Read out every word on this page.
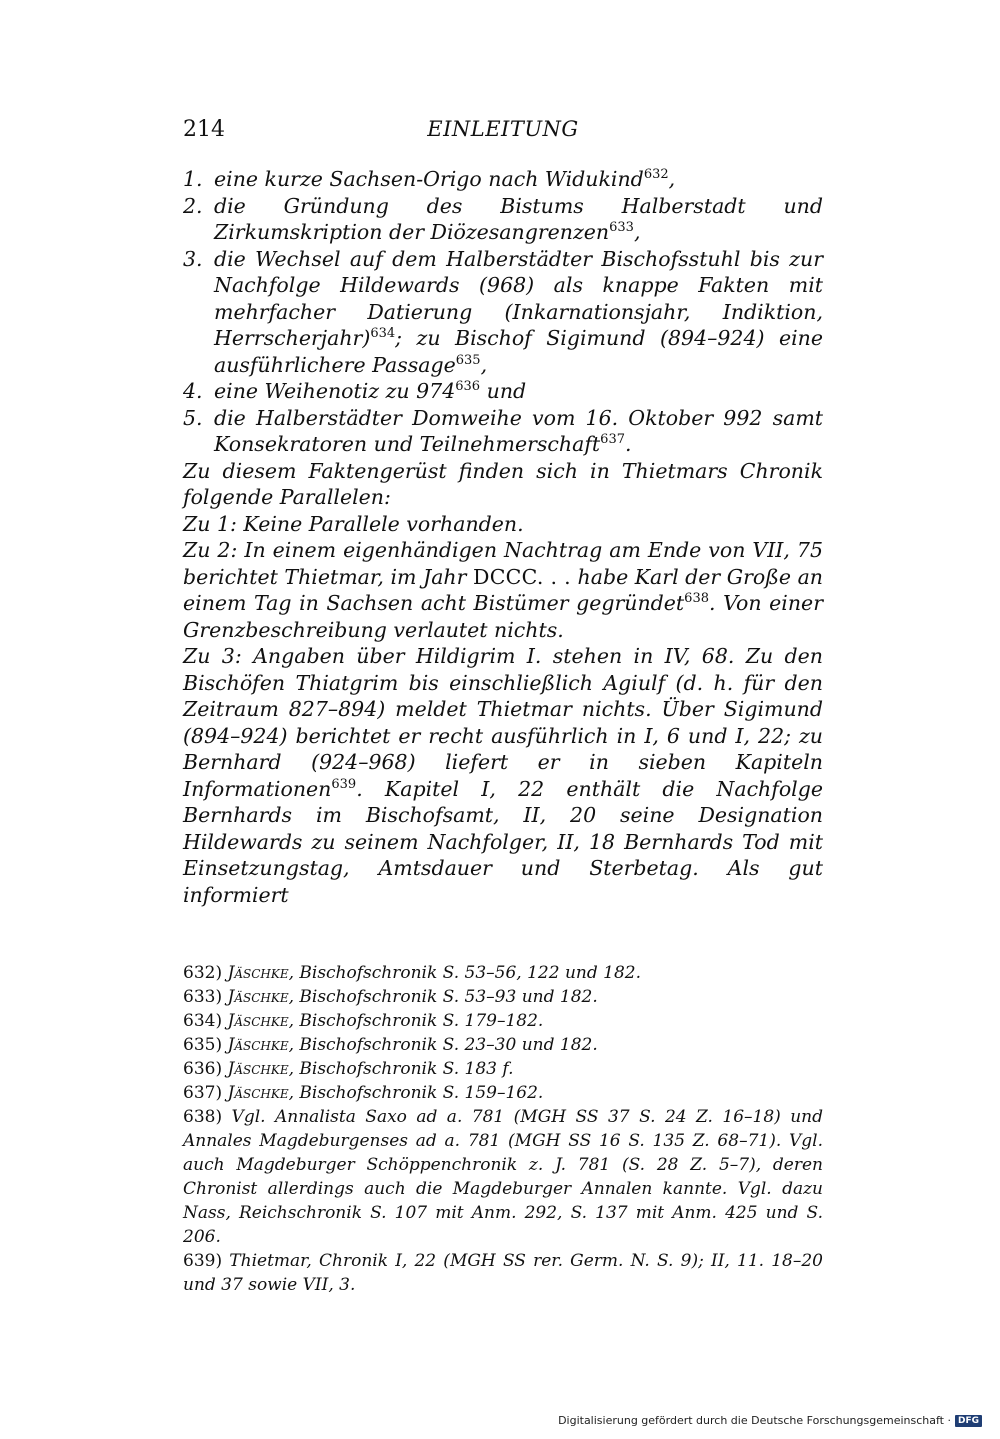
214	EINLEITUNG
1. eine kurze Sachsen-Origo nach Widukind$^{632}$,
2. die Gründung des Bistums Halberstadt und Zirkumskription der Diözesangrenzen$^{633}$,
3. die Wechsel auf dem Halberstädter Bischofsstuhl bis zur Nachfolge Hildewards (968) als knappe Fakten mit mehrfacher Datierung (Inkarnationsjahr, Indiktion, Herrscherjahr)$^{634}$; zu Bischof Sigimund (894–924) eine ausführlichere Passage$^{635}$,
4. eine Weihenotiz zu $974^{636}$ und
5. die Halberstädter Domweihe vom 16. Oktober 992 samt Konsekratoren und Teilnehmerschaft$^{637}$.

Zu diesem Faktengerüst finden sich in Thietmars Chronik folgende Parallelen:

Zu 1: Keine Parallele vorhanden.

Zu 2: In einem eigenhändigen Nachtrag am Ende von VII, 75 berichtet Thietmar, im Jahr DCCC. . . habe Karl der Große an einem Tag in Sachsen acht Bistümer gegründet$^{638}$. Von einer Grenzbeschreibung verlautet nichts.

Zu 3: Angaben über Hildigrim I. stehen in IV, 68. Zu den Bischöfen Thiatgrim bis einschließlich Agiulf (d. h. für den Zeitraum 827–894) meldet Thietmar nichts. Über Sigimund (894–924) berichtet er recht ausführlich in I, 6 und I, 22; zu Bernhard (924–968) liefert er in sieben Kapiteln Informationen$^{639}$. Kapitel I, 22 enthält die Nachfolge Bernhards im Bischofsamt, II, 20 seine Designation Hildewards zu seinem Nachfolger, II, 18 Bernhards Tod mit Einsetzungstag, Amtsdauer und Sterbetag. Als gut informiert

632) Jäschke, Bischofschronik S. 53–56, 122 und 182.
633) Jäschke, Bischofschronik S. 53–93 und 182.
634) Jäschke, Bischofschronik S. 179–182.
635) Jäschke, Bischofschronik S. 23–30 und 182.
636) Jäschke, Bischofschronik S. 183 f.
637) Jäschke, Bischofschronik S. 159–162.
638) Vgl. Annalista Saxo ad a. 781 (MGH SS 37 S. 24 Z. 16–18) und Annales Magdeburgenses ad a. 781 (MGH SS 16 S. 135 Z. 68–71). Vgl. auch Magdeburger Schöppenchronik z. J. 781 (S. 28 Z. 5–7), deren Chronist allerdings auch die Magdeburger Annalen kannte. Vgl. dazu Nass, Reichschronik S. 107 mit Anm. 292, S. 137 mit Anm. 425 und S. 206.
639) Thietmar, Chronik I, 22 (MGH SS rer. Germ. N. S. 9); II, 11. 18–20 und 37 sowie VII, 3.
Digitalisierung gefördert durch die Deutsche Forschungsgemeinschaft · DFG
